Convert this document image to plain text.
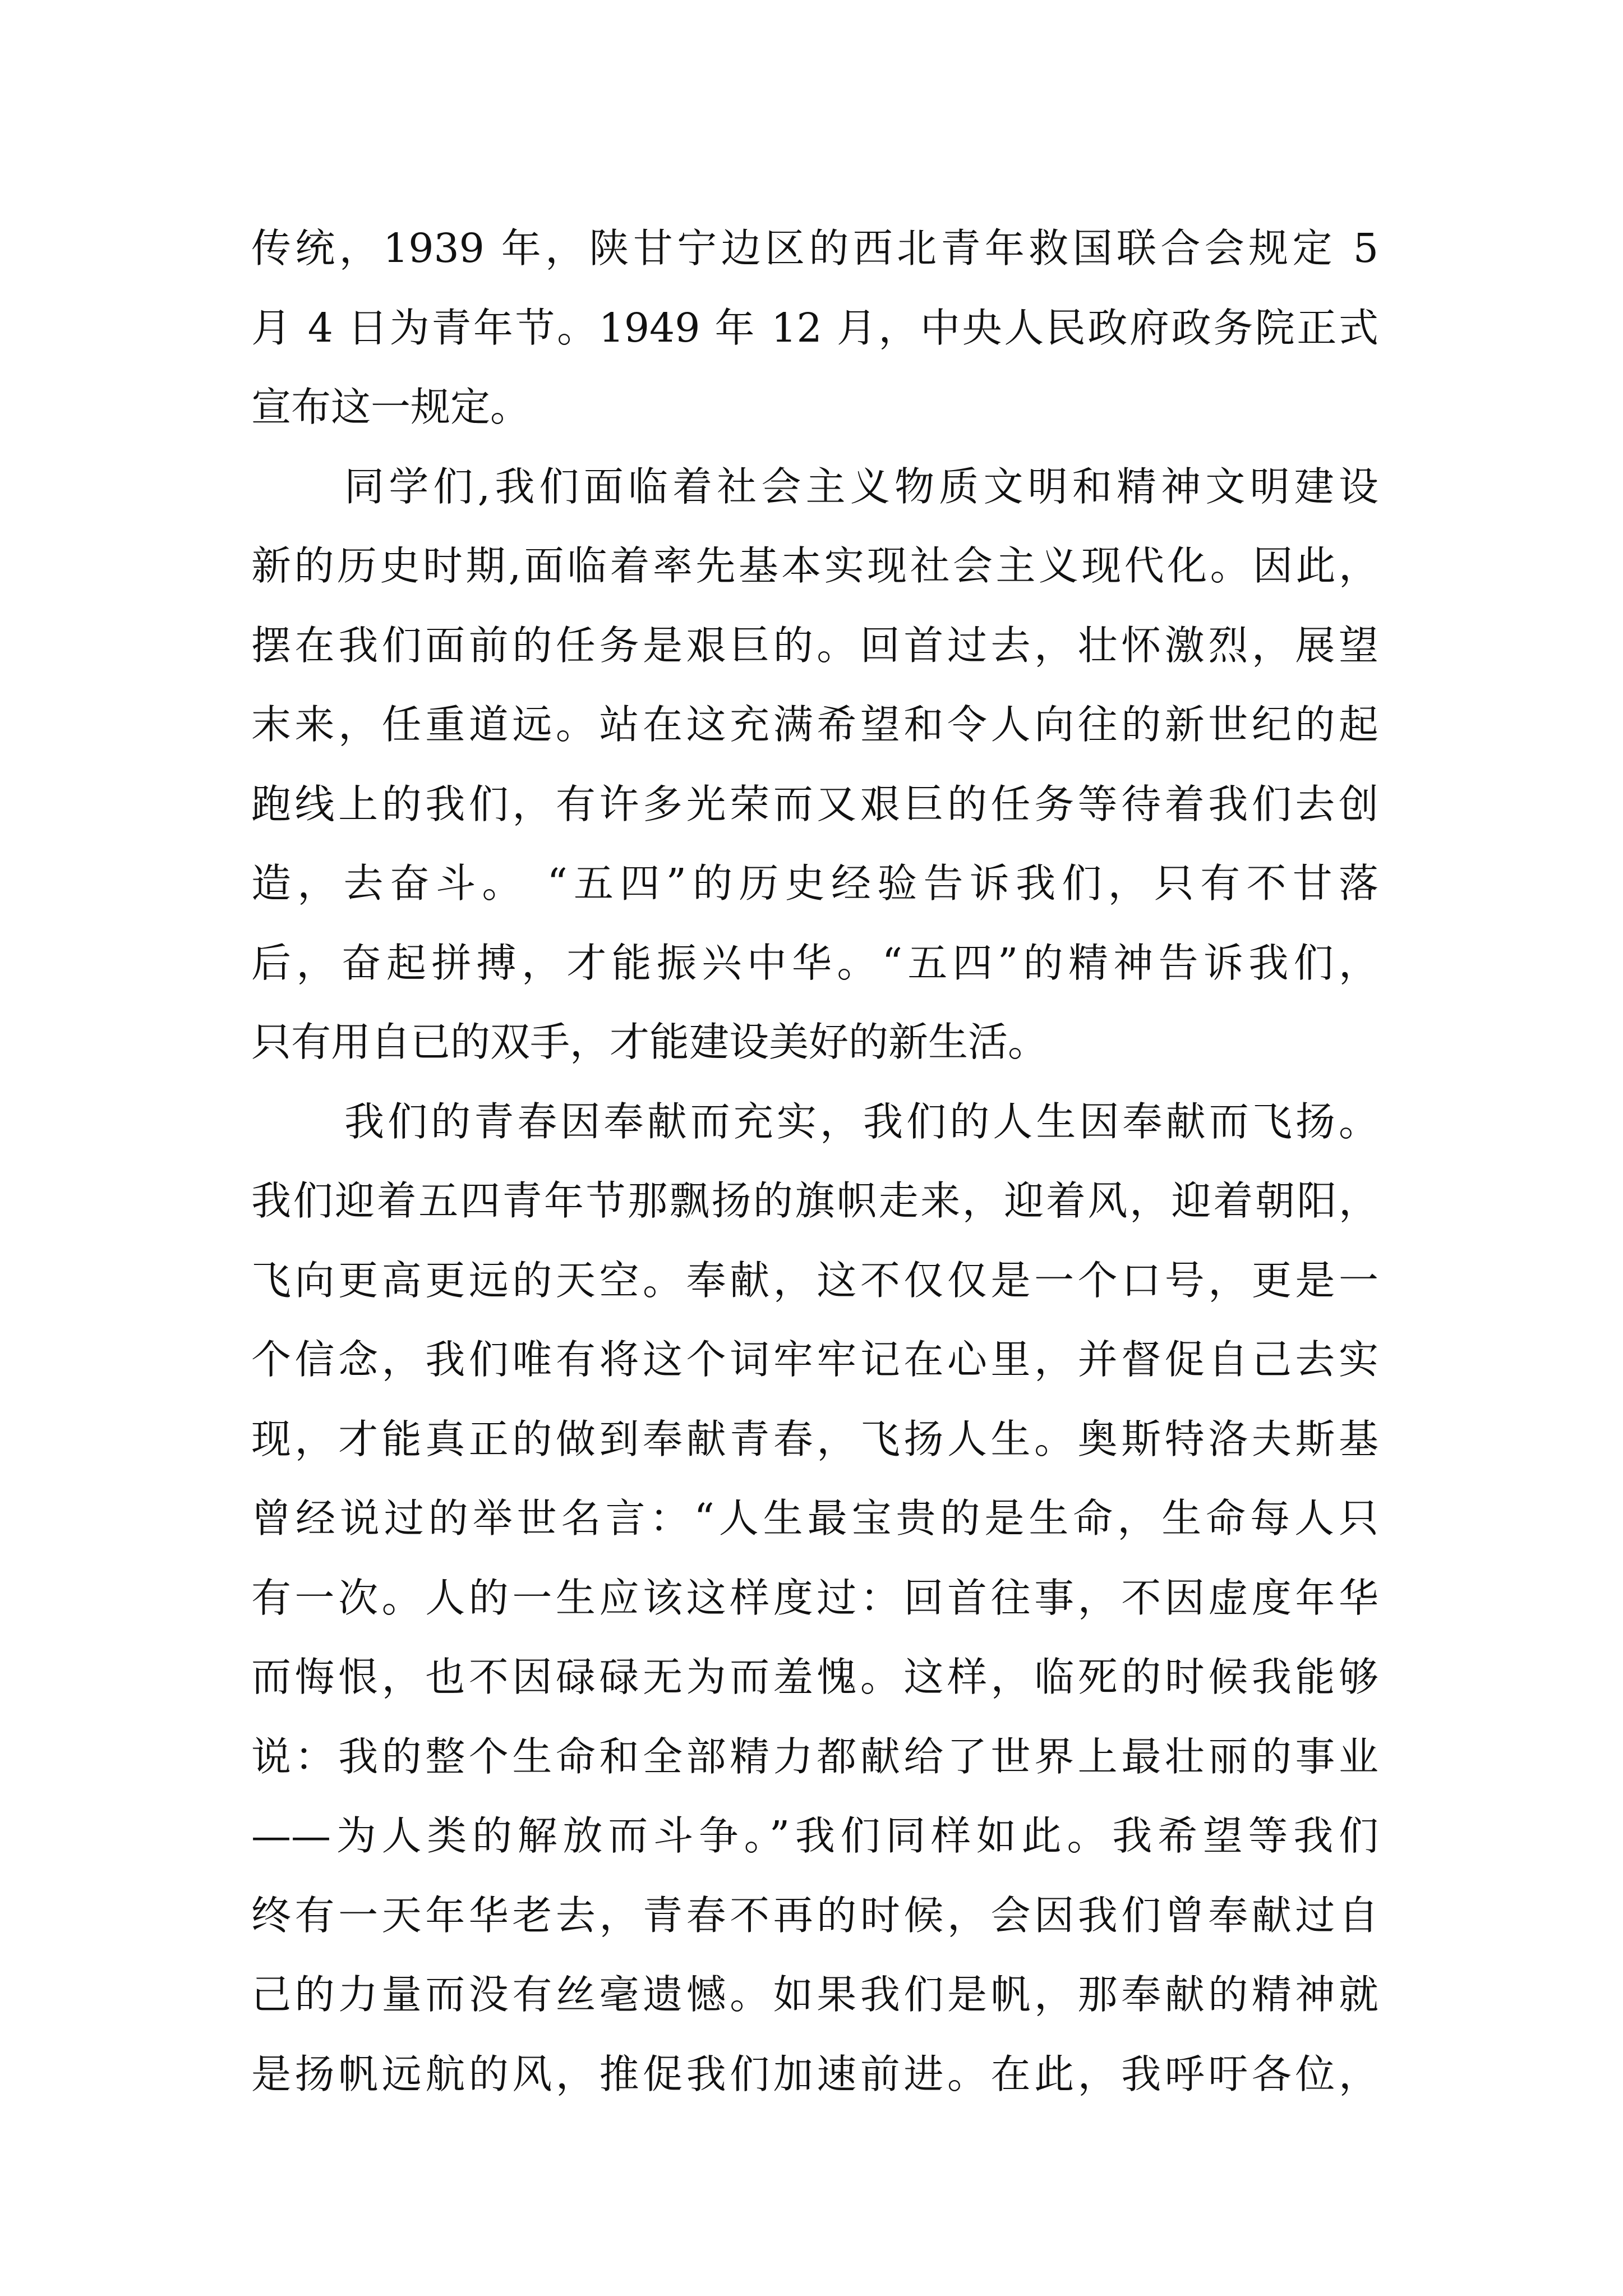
传统，1939 年，陕甘宁边区的西北青年救国联合会规定 5
月 4 日为青年节。1949 年 12 月，中央人民政府政务院正式
宣布这一规定。
同学们,我们面临着社会主义物质文明和精神文明建设
新的历史时期,面临着率先基本实现社会主义现代化。因此，
摆在我们面前的任务是艰巨的。回首过去，壮怀激烈，展望
末来，任重道远。站在这充满希望和令人向往的新世纪的起
跑线上的我们，有许多光荣而又艰巨的任务等待着我们去创
造，去奋斗。 “五四”的历史经验告诉我们，只有不甘落
后，奋起拼搏，才能振兴中华。“五四”的精神告诉我们，
只有用自已的双手，才能建设美好的新生活。
我们的青春因奉献而充实，我们的人生因奉献而飞扬。
我们迎着五四青年节那飘扬的旗帜走来，迎着风，迎着朝阳，
飞向更高更远的天空。奉献，这不仅仅是一个口号，更是一
个信念，我们唯有将这个词牢牢记在心里，并督促自己去实
现，才能真正的做到奉献青春，飞扬人生。奥斯特洛夫斯基
曾经说过的举世名言：“人生最宝贵的是生命，生命每人只
有一次。人的一生应该这样度过：回首往事，不因虚度年华
而悔恨，也不因碌碌无为而羞愧。这样，临死的时候我能够
说：我的整个生命和全部精力都献给了世界上最壮丽的事业
——为人类的解放而斗争。”我们同样如此。我希望等我们
终有一天年华老去，青春不再的时候，会因我们曾奉献过自
己的力量而没有丝毫遗憾。如果我们是帆，那奉献的精神就
是扬帆远航的风，推促我们加速前进。在此，我呼吁各位，
